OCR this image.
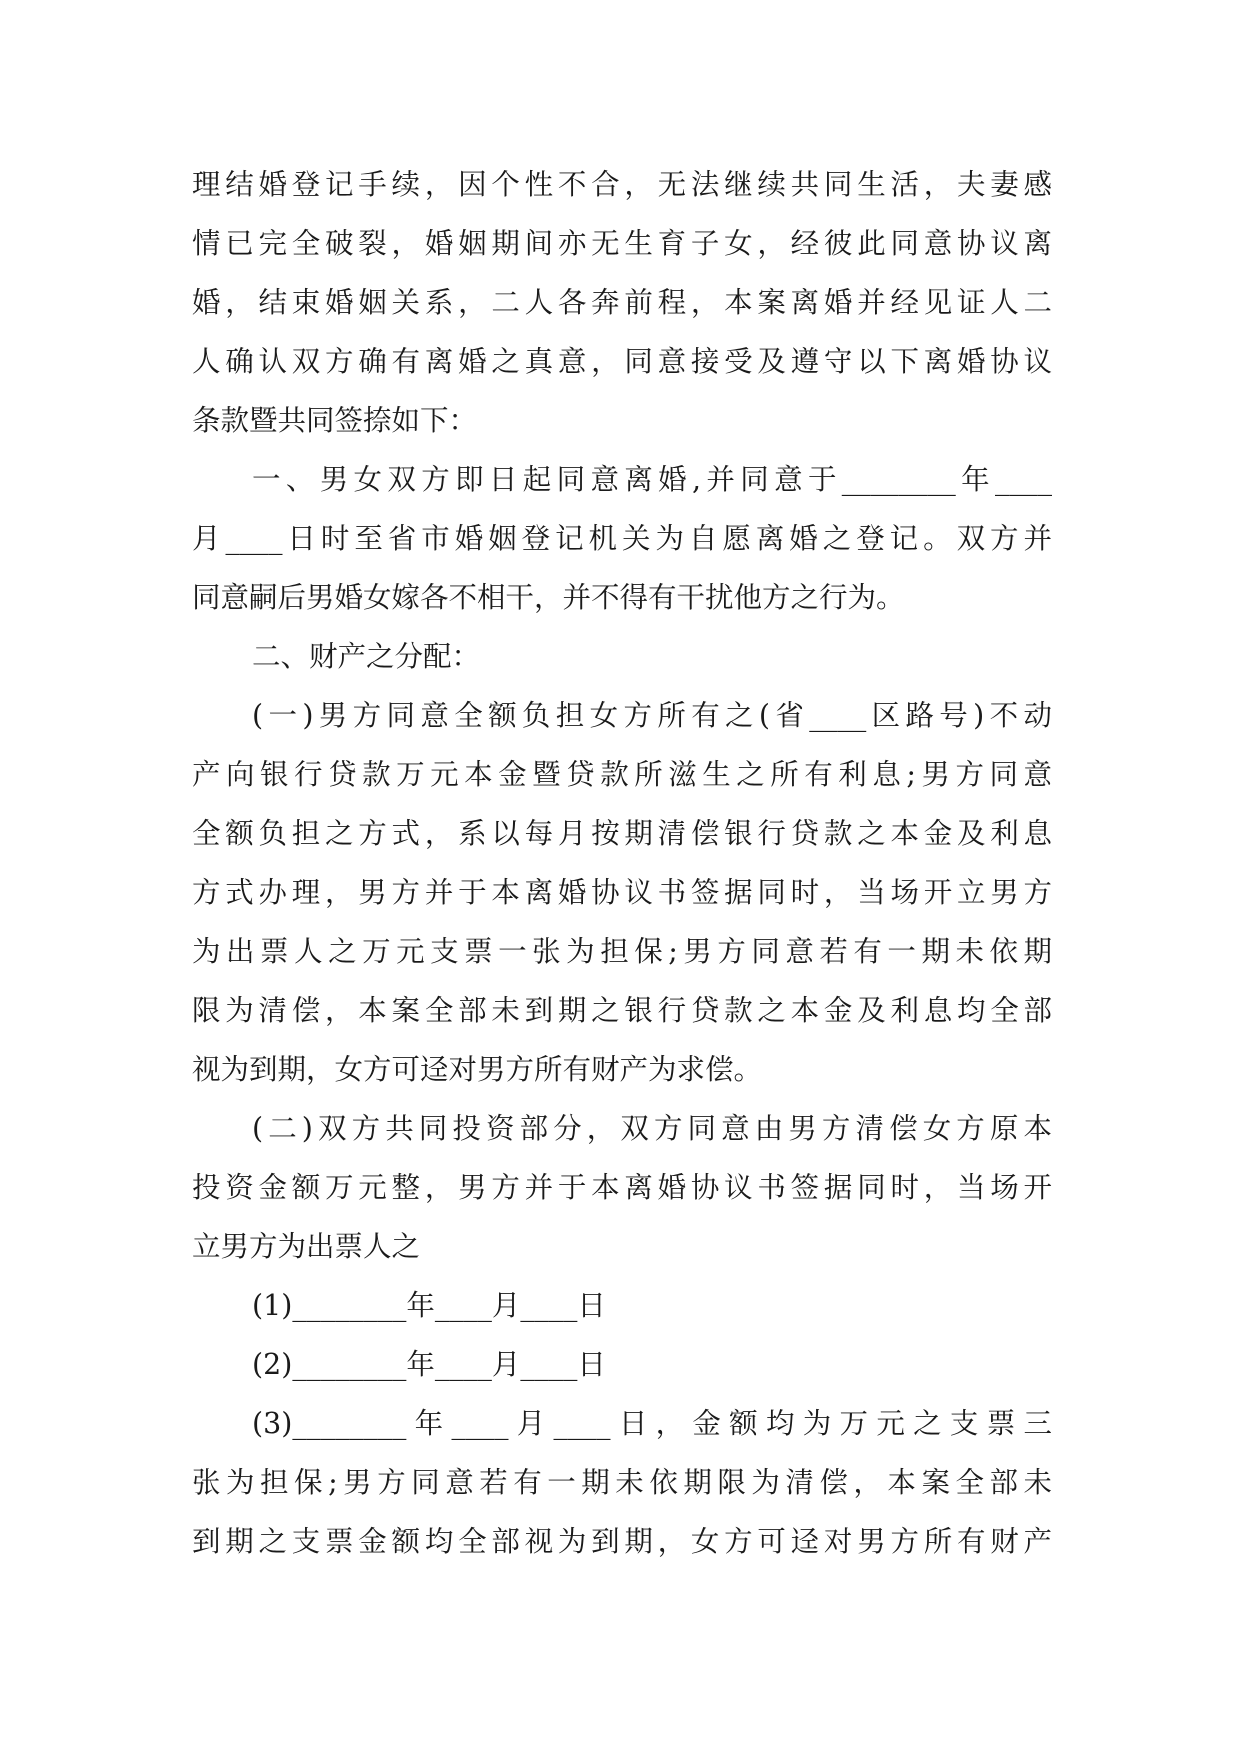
理结婚登记手续，因个性不合，无法继续共同生活，夫妻感
情已完全破裂，婚姻期间亦无生育子女，经彼此同意协议离
婚，结束婚姻关系，二人各奔前程，本案离婚并经见证人二
人确认双方确有离婚之真意，同意接受及遵守以下离婚协议
条款暨共同签捺如下：
一、男女双方即日起同意离婚,并同意于________年____
月____日时至省市婚姻登记机关为自愿离婚之登记。双方并
同意嗣后男婚女嫁各不相干，并不得有干扰他方之行为。
二、财产之分配：
(一)男方同意全额负担女方所有之(省____区路号)不动
产向银行贷款万元本金暨贷款所滋生之所有利息;男方同意
全额负担之方式，系以每月按期清偿银行贷款之本金及利息
方式办理，男方并于本离婚协议书签据同时，当场开立男方
为出票人之万元支票一张为担保;男方同意若有一期未依期
限为清偿，本案全部未到期之银行贷款之本金及利息均全部
视为到期，女方可迳对男方所有财产为求偿。
(二)双方共同投资部分，双方同意由男方清偿女方原本
投资金额万元整，男方并于本离婚协议书签据同时，当场开
立男方为出票人之
(1)________年____月____日
(2)________年____月____日
(3)________年____月____日，金额均为万元之支票三
张为担保;男方同意若有一期未依期限为清偿，本案全部未
到期之支票金额均全部视为到期，女方可迳对男方所有财产
